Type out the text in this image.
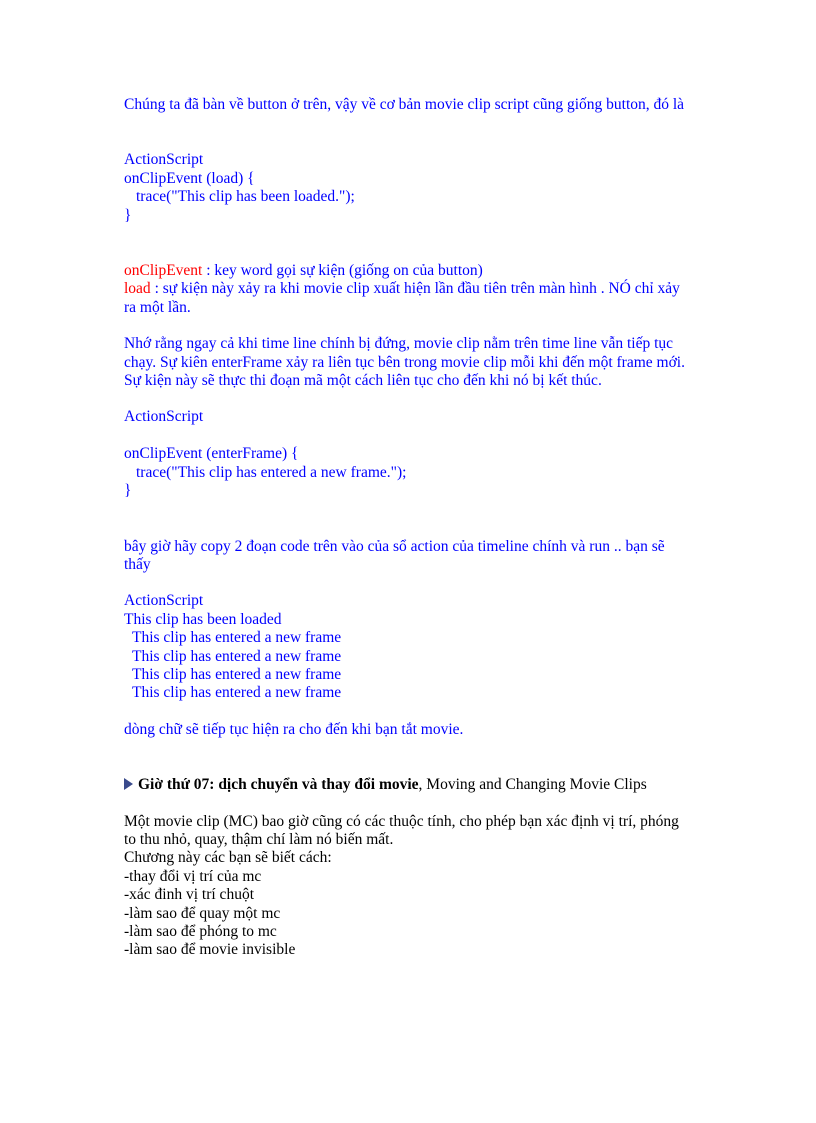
Chúng ta đã bàn về button ở trên, vậy về cơ bản movie clip script cũng giống button, đó là

ActionScript
onClipEvent (load) {
trace("This clip has been loaded.");
}

onClipEvent : key word gọi sự kiện (giống on của button)

load : sự kiện này xảy ra khi movie clip xuất hiện lần đầu tiên trên màn hình . NÓ chỉ xảy ra một lần.

Nhớ rằng ngay cả khi time line chính bị đứng, movie clip nằm trên time line vẫn tiếp tục chạy. Sự kiên enterFrame xảy ra liên tục bên trong movie clip mỗi khi đến một frame mới. Sự kiện này sẽ thực thi đoạn mã một cách liên tục cho đến khi nó bị kết thúc.

ActionScript

onClipEvent (enterFrame) {
trace("This clip has entered a new frame.");
}

bây giờ hãy copy 2 đoạn code trên vào của sổ action của timeline chính và run .. bạn sẽ thấy

ActionScript
This clip has been loaded
This clip has entered a new frame
This clip has entered a new frame
This clip has entered a new frame
This clip has entered a new frame

dòng chữ sẽ tiếp tục hiện ra cho đến khi bạn tắt movie.

Giờ thứ 07: dịch chuyển và thay đổi movie, Moving and Changing Movie Clips

Một movie clip (MC) bao giờ cũng có các thuộc tính, cho phép bạn xác định vị trí, phóng to thu nhỏ, quay, thậm chí làm nó biến mất.

Chương này các bạn sẽ biết cách:
-thay đổi vị trí của mc
-xác đinh vị trí chuột
-làm sao để quay một mc
-làm sao để phóng to mc
-làm sao để movie invisible
